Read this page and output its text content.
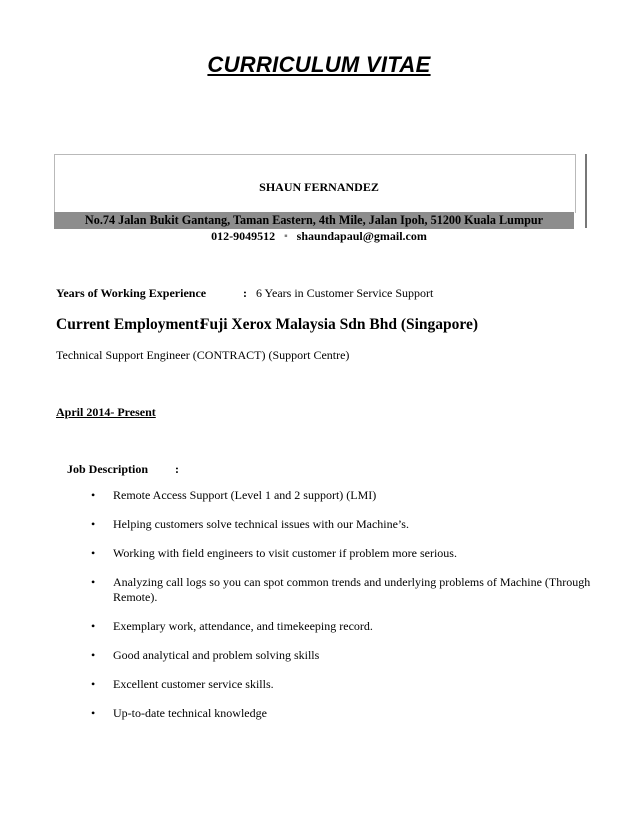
CURRICULUM VITAE
SHAUN FERNANDEZ
No.74 Jalan Bukit Gantang, Taman Eastern, 4th Mile, Jalan Ipoh, 51200 Kuala Lumpur
012-9049512 ▪ shaundapaul@gmail.com
Years of Working Experience	: 6 Years in Customer Service Support
Current Employment:
Fuji Xerox Malaysia Sdn Bhd (Singapore)
Technical Support Engineer (CONTRACT) (Support Centre)
April 2014- Present
Job Description :
• Remote Access Support (Level 1 and 2 support) (LMI)
• Helping customers solve technical issues with our Machine’s.
• Working with field engineers to visit customer if problem more serious.
• Analyzing call logs so you can spot common trends and underlying problems of Machine (Through Remote).
• Exemplary work, attendance, and timekeeping record.
• Good analytical and problem solving skills
• Excellent customer service skills.
• Up-to-date technical knowledge
